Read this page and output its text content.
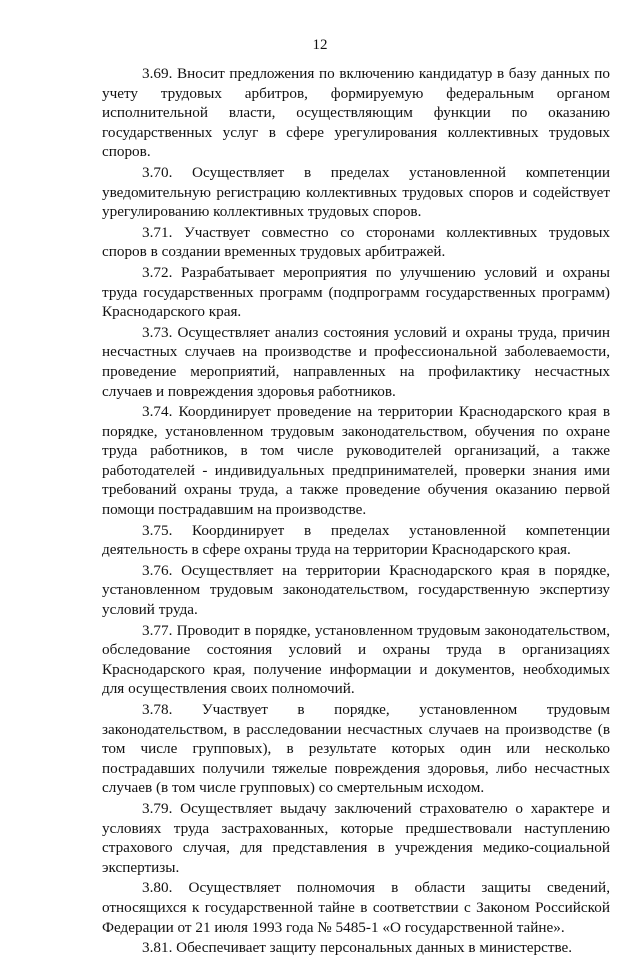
12

3.69. Вносит предложения по включению кандидатур в базу данных по учету трудовых арбитров, формируемую федеральным органом исполнительной власти, осуществляющим функции по оказанию государственных услуг в сфере урегулирования коллективных трудовых споров.

3.70. Осуществляет в пределах установленной компетенции уведомительную регистрацию коллективных трудовых споров и содействует урегулированию коллективных трудовых споров.

3.71. Участвует совместно со сторонами коллективных трудовых споров в создании временных трудовых арбитражей.

3.72. Разрабатывает мероприятия по улучшению условий и охраны труда государственных программ (подпрограмм государственных программ) Краснодарского края.

3.73. Осуществляет анализ состояния условий и охраны труда, причин несчастных случаев на производстве и профессиональной заболеваемости, проведение мероприятий, направленных на профилактику несчастных случаев и повреждения здоровья работников.

3.74. Координирует проведение на территории Краснодарского края в порядке, установленном трудовым законодательством, обучения по охране труда работников, в том числе руководителей организаций, а также работодателей - индивидуальных предпринимателей, проверки знания ими требований охраны труда, а также проведение обучения оказанию первой помощи пострадавшим на производстве.

3.75. Координирует в пределах установленной компетенции деятельность в сфере охраны труда на территории Краснодарского края.

3.76. Осуществляет на территории Краснодарского края в порядке, установленном трудовым законодательством, государственную экспертизу условий труда.

3.77. Проводит в порядке, установленном трудовым законодательством, обследование состояния условий и охраны труда в организациях Краснодарского края, получение информации и документов, необходимых для осуществления своих полномочий.

3.78. Участвует в порядке, установленном трудовым законодательством, в расследовании несчастных случаев на производстве (в том числе групповых), в результате которых один или несколько пострадавших получили тяжелые повреждения здоровья, либо несчастных случаев (в том числе групповых) со смертельным исходом.

3.79. Осуществляет выдачу заключений страхователю о характере и условиях труда застрахованных, которые предшествовали наступлению страхового случая, для представления в учреждения медико-социальной экспертизы.

3.80. Осуществляет полномочия в области защиты сведений, относящихся к государственной тайне в соответствии с Законом Российской Федерации от 21 июля 1993 года № 5485-1 «О государственной тайне».

3.81. Обеспечивает защиту персональных данных в министерстве.
